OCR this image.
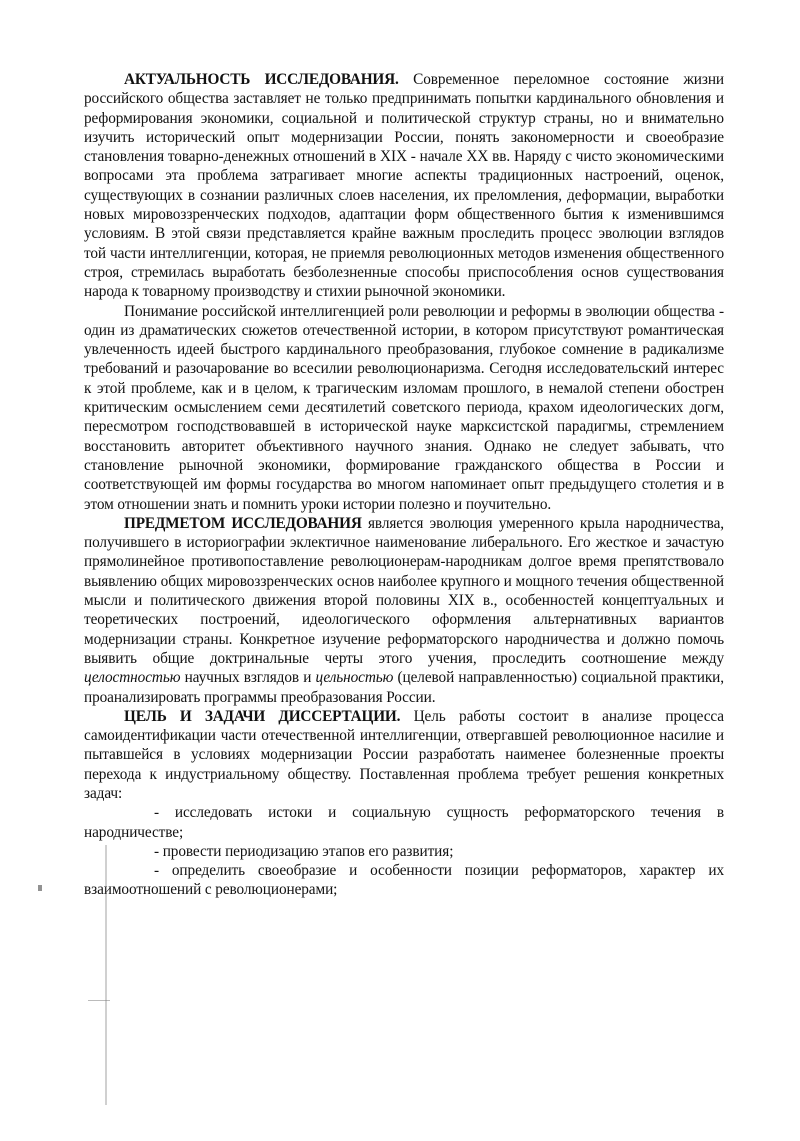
АКТУАЛЬНОСТЬ ИССЛЕДОВАНИЯ. Современное переломное состояние жизни российского общества заставляет не только предпринимать попытки кардинального обновления и реформирования экономики, социальной и политической структур страны, но и внимательно изучить исторический опыт модернизации России, понять закономерности и своеобразие становления товарно-денежных отношений в XIX - начале XX вв. Наряду с чисто экономическими вопросами эта проблема затрагивает многие аспекты традиционных настроений, оценок, существующих в сознании различных слоев населения, их преломления, деформации, выработки новых мировоззренческих подходов, адаптации форм общественного бытия к изменившимся условиям. В этой связи представляется крайне важным проследить процесс эволюции взглядов той части интеллигенции, которая, не приемля революционных методов изменения общественного строя, стремилась выработать безболезненные способы приспособления основ существования народа к товарному производству и стихии рыночной экономики.

Понимание российской интеллигенцией роли революции и реформы в эволюции общества - один из драматических сюжетов отечественной истории, в котором присутствуют романтическая увлеченность идеей быстрого кардинального преобразования, глубокое сомнение в радикализме требований и разочарование во всесилии революционаризма. Сегодня исследовательский интерес к этой проблеме, как и в целом, к трагическим изломам прошлого, в немалой степени обострен критическим осмыслением семи десятилетий советского периода, крахом идеологических догм, пересмотром господствовавшей в исторической науке марксистской парадигмы, стремлением восстановить авторитет объективного научного знания. Однако не следует забывать, что становление рыночной экономики, формирование гражданского общества в России и соответствующей им формы государства во многом напоминает опыт предыдущего столетия и в этом отношении знать и помнить уроки истории полезно и поучительно.

ПРЕДМЕТОМ ИССЛЕДОВАНИЯ является эволюция умеренного крыла народничества, получившего в историографии эклектичное наименование либерального. Его жесткое и зачастую прямолинейное противопоставление революционерам-народникам долгое время препятствовало выявлению общих мировоззренческих основ наиболее крупного и мощного течения общественной мысли и политического движения второй половины XIX в., особенностей концептуальных и теоретических построений, идеологического оформления альтернативных вариантов модернизации страны. Конкретное изучение реформаторского народничества и должно помочь выявить общие доктринальные черты этого учения, проследить соотношение между целостностью научных взглядов и цельностью (целевой направленностью) социальной практики, проанализировать программы преобразования России.

ЦЕЛЬ И ЗАДАЧИ ДИССЕРТАЦИИ. Цель работы состоит в анализе процесса самоидентификации части отечественной интеллигенции, отвергавшей революционное насилие и пытавшейся в условиях модернизации России разработать наименее болезненные проекты перехода к индустриальному обществу. Поставленная проблема требует решения конкретных задач:

- исследовать истоки и социальную сущность реформаторского течения в народничестве;

- провести периодизацию этапов его развития;

- определить своеобразие и особенности позиции реформаторов, характер их взаимоотношений с революционерами;
